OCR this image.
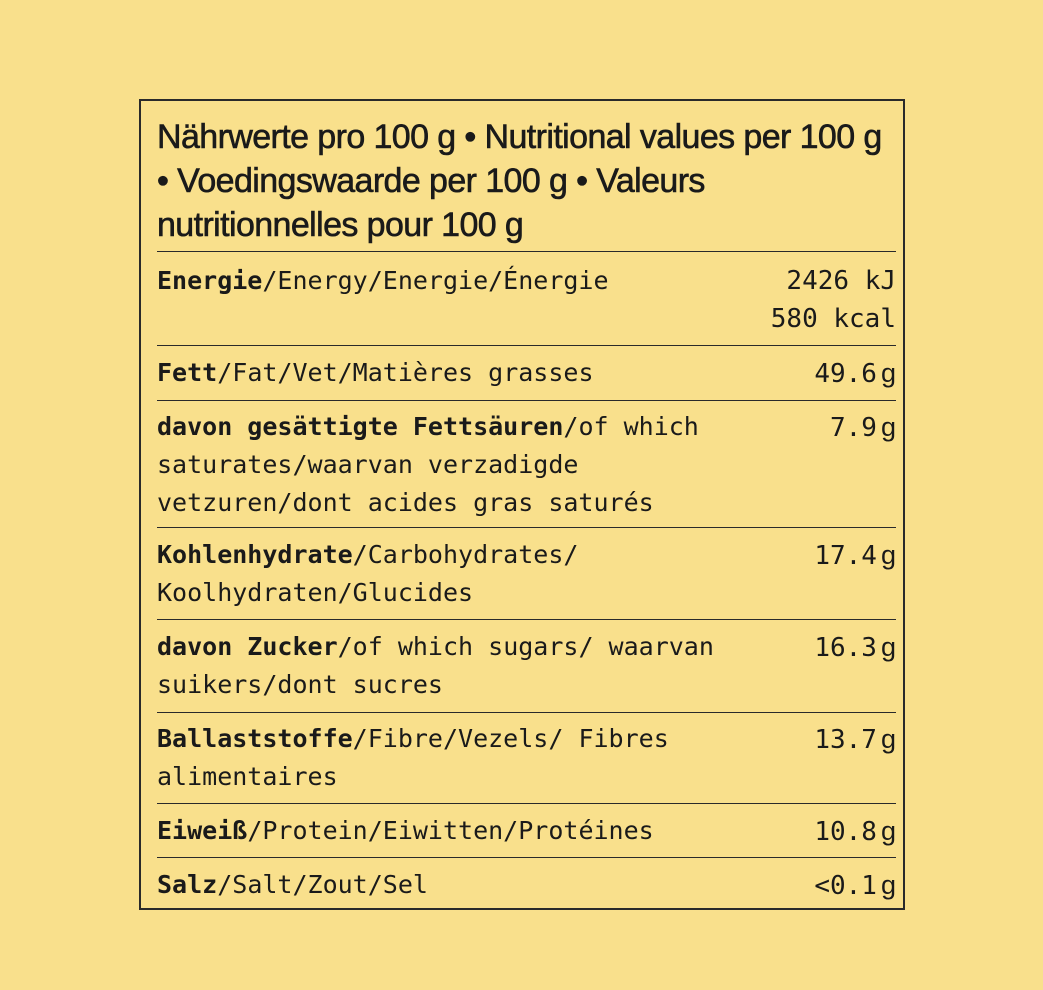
Nährwerte pro 100 g • Nutritional values per 100 g • Voedingswaarde per 100 g • Valeurs nutritionnelles pour 100 g
Energie/Energy/Energie/Énergie	2426 kJ
580 kcal
Fett/Fat/Vet/Matières grasses	49.6 g
davon gesättigte Fettsäuren/of which saturates/waarvan verzadigde vetzuren/dont acides gras saturés
7.9 g
Kohlenhydrate/Carbohydrates/ Koolhydraten/Glucides
17.4 g
davon Zucker/of which sugars/ waarvan suikers/dont sucres
16.3 g
Ballaststoffe/Fibre/Vezels/ Fibres alimentaires
13.7 g
Eiweiß/Protein/Eiwitten/Protéines	10.8 g
Salz/Salt/Zout/Sel	<0.1 g
